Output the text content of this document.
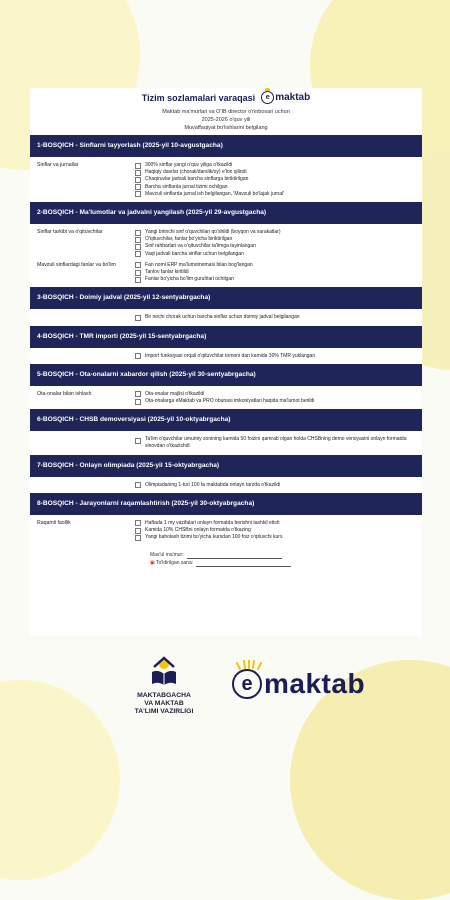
Tizim sozlamalari varaqasi	e maktab
Maktab ma'murlari va O'IB director o'rinbosari uchun
2025-2026 o'quv yili
Muvaffaqiyat bo'lishlarini belgilang
1-BOSQICH - Sinflarni tayyorlash (2025-yil 10-avgustgacha)
Sinflar va jurnallar	300% sinflar yangi o'quv yiliga o'tkazildi
Haqiqiy davrlar (chorak/darslik/oy) e'lon qilindi
Chaqiruvlar jadvali barcha sinflarga biriktirilgan
Barcha sinflarda jurnal tizimi ochilgan
Mavzuli sinflarda jurnal ish belgilangan, 'Mavzuli bo'lajak jurnal'
2-BOSQICH - Ma'lumotlar va jadvalni yangilash (2025-yil 29-avgustgacha)
Sinflar tarkibi va o'qituvchilar	Yangi birinchi sinf o'quvchilari qo'shildi (boyqon va xarakatlar)
O'qituvchilar, fanlar bo'yicha biriktirilgan
Sinf rahbarlari va o'qituvchilar ta'limga tayinlangan
Vaqt jadvali barcha sinflar uchun belgilangan
Mavzuli sinflardagi fanlar va bo'lim	Fan nomi ERP ma'lumotnomasi bilan bog'langan
Tanlov fanlar kiritildi
Fanlar bo'yicha bo'lim guruhlari ochilgan
3-BOSQICH - Doimiy jadval (2025-yil 12-sentyabrgacha)
Bir nechi chorak uchun barcha sinflar uchun doimiy jadval belgilangan
4-BOSQICH - TMR importi (2025-yil 15-sentyabrgacha)
Import funksiyasi orqali o'qituvchilar tomoni dan kamida 30% TMR yuklangan
5-BOSQICH - Ota-onalarni xabardor qilish (2025-yil 30-sentyabrgacha)
Ota-onalar bilan ishlash	Ota-onalar majlisi o'tkazildi
Ota-onalarga eMaktab va PRO obunasi imkoniyatlari haqida ma'lumot berildi
6-BOSQICH - CHSB demoversiyasi (2025-yil 10-oktyabrgacha)
Ta'lim o'quvchilar umumiy sonining kamida 50 foizini qamrab olgan holda CHSBning demo versiyasini onlayn formatda sinovdan o'tkazishdi
7-BOSQICH - Onlayn olimpiada (2025-yil 15-oktyabrgacha)
Olimpiadaning 1-turi 100 ta maktabda onlayn tarzda o'tkazildi
8-BOSQICH - Jarayonlarni raqamlashtirish (2025-yil 30-oktyabrgacha)
Raqamli faollik	Haftada 1 my vazifalari onlayn formatda berishni tashkil etish
Kamida 10% CHSBni onlayn formatda o'tkazing
Yangi baholash tizimi bo'yicha kursdan 100 foiz o'qituvchi kurs
Mas'ul ma'mur:
▣ To'ldirilgan sana:
MAKTABGACHA
VA MAKTAB
TA'LIMI VAZIRLIGI
e maktab
